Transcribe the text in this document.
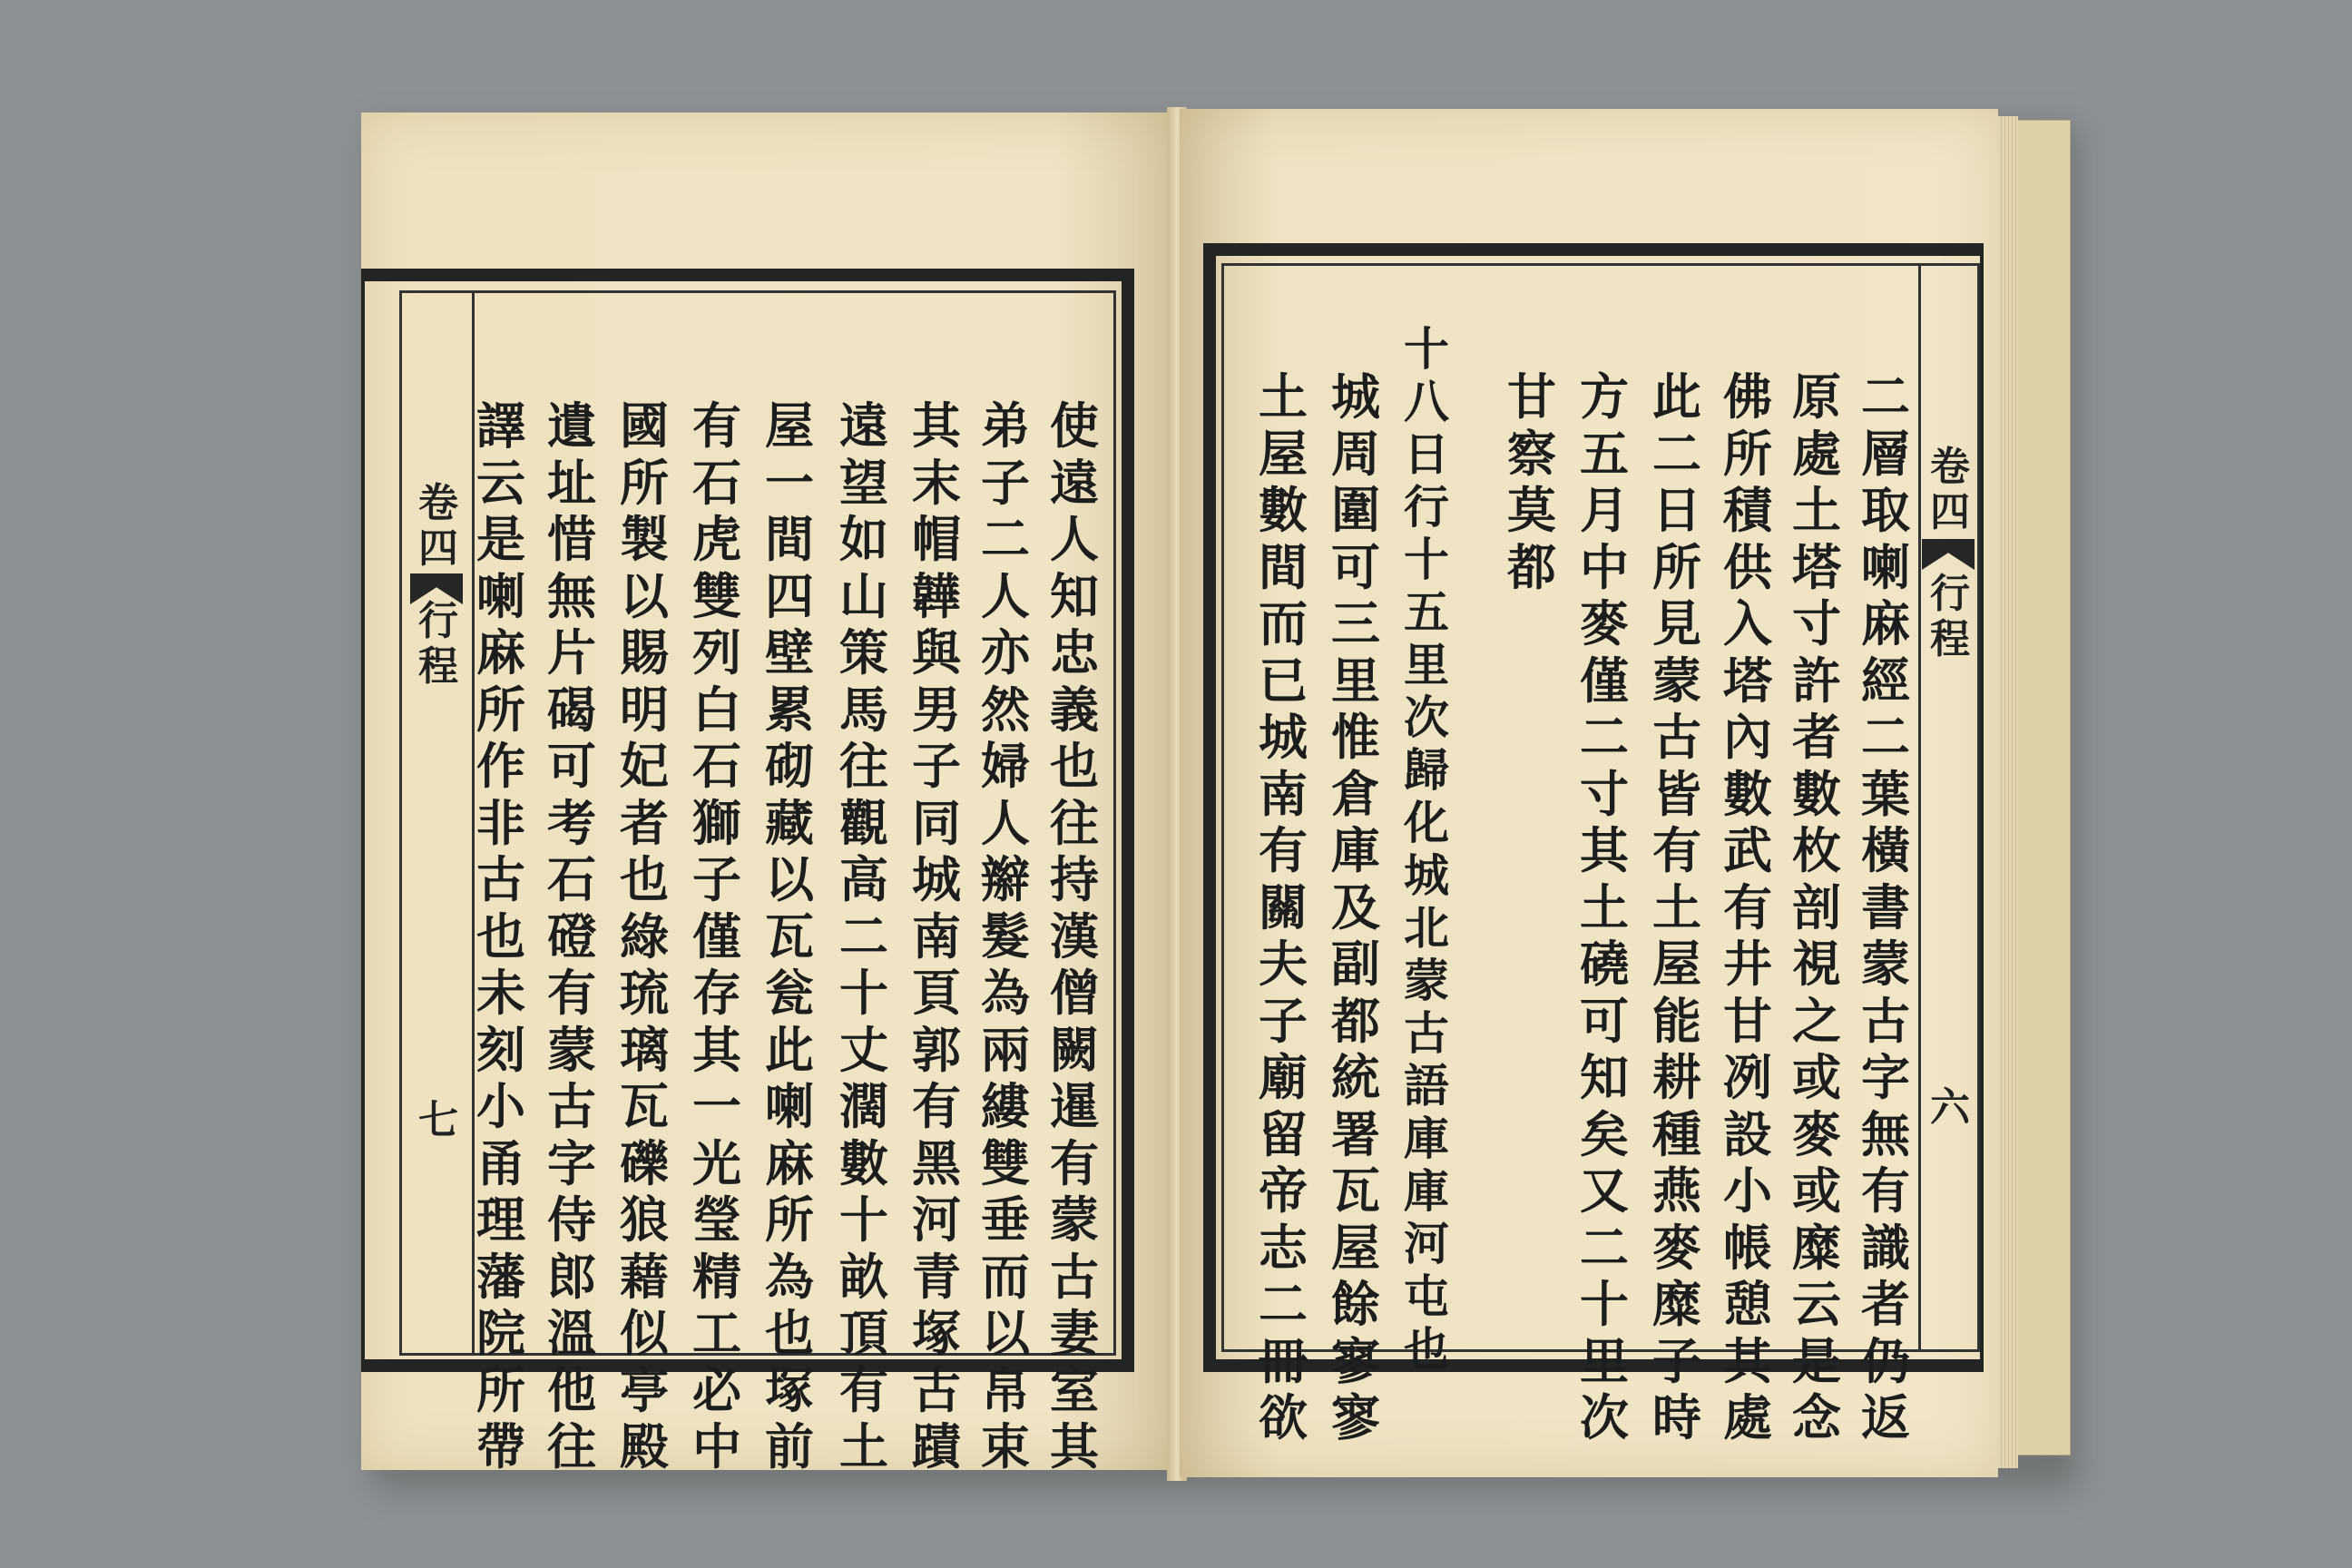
卷四
行程
七
使遠人知忠義也往持漢僧闕暹有蒙古妻室其
弟子二人亦然婦人辮髮為兩縷雙垂而以帛束
其末帽韡與男子同城南頁郭有黑河青塚古蹟
遠望如山策馬往觀高二十丈濶數十畝頂有土
屋一間四壁累砌藏以瓦瓮此喇麻所為也塚前
有石虎雙列白石獅子僅存其一光瑩精工必中
國所製以賜明妃者也綠琉璃瓦礫狼藉似亭殿
遺址惜無片碣可考石磴有蒙古字侍郎溫他往
譯云是喇麻所作非古也未刻小甬理藩院所帶
卷四
行程
六
二層取喇麻經二葉橫書蒙古字無有識者仍返
原處土塔寸許者數枚剖視之或麥或糜云是念
佛所積供入塔內數武有井甘冽設小帳憩其處
此二日所見蒙古皆有土屋能耕種燕麥糜子時
方五月中麥僅二寸其土磽可知矣又二十里次
甘察莫都
十八日行十五里次歸化城北蒙古語庫庫河屯也
城周圍可三里惟倉庫及副都統署瓦屋餘寥寥
土屋數間而已城南有關夫子廟留帝志二冊欲
